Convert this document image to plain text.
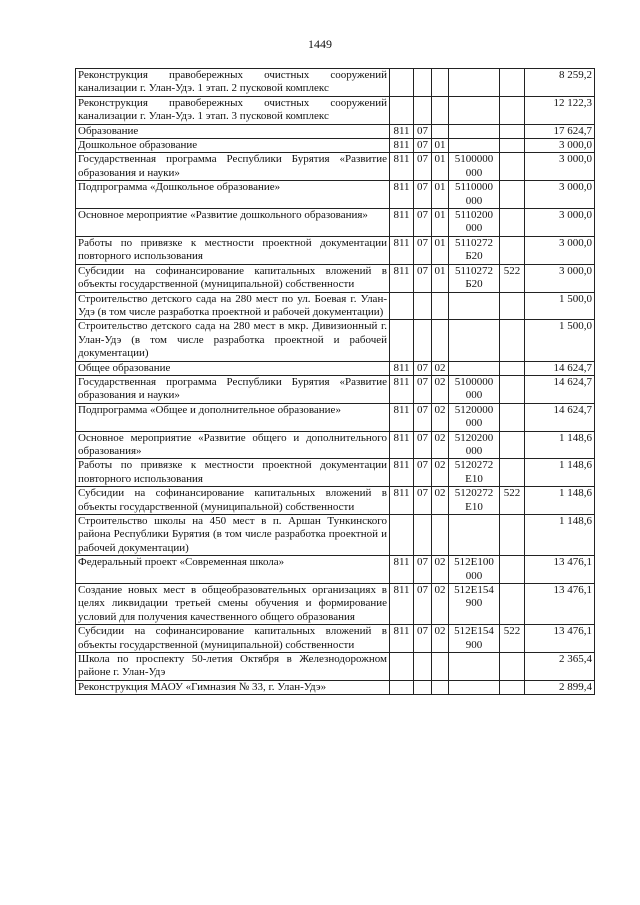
1449
Реконструкция правобережных очистных сооружений канализации г. Улан-Удэ. 1 этап. 2 пусковой комплекс						8 259,2
Реконструкция правобережных очистных сооружений канализации г. Улан-Удэ. 1 этап. 3 пусковой комплекс						12 122,3
Образование	811	07				17 624,7
Дошкольное образование	811	07	01			3 000,0
Государственная программа Республики Бурятия «Развитие образования и науки»	811	07	01	5100000 000		3 000,0
Подпрограмма «Дошкольное образование»	811	07	01	5110000 000		3 000,0
Основное мероприятие «Развитие дошкольного образования»	811	07	01	5110200 000		3 000,0
Работы по привязке к местности проектной документации повторного использования	811	07	01	5110272 Б20		3 000,0
Субсидии на софинансирование капитальных вложений в объекты государственной (муниципальной) собственности	811	07	01	5110272 Б20	522	3 000,0
Строительство детского сада на 280 мест по ул. Боевая г. Улан-Удэ (в том числе разработка проектной и рабочей документации)						1 500,0
Строительство детского сада на 280 мест в мкр. Дивизионный г. Улан-Удэ (в том числе разработка проектной и рабочей документации)						1 500,0
Общее образование	811	07	02			14 624,7
Государственная программа Республики Бурятия «Развитие образования и науки»	811	07	02	5100000 000		14 624,7
Подпрограмма «Общее и дополнительное образование»	811	07	02	5120000 000		14 624,7
Основное мероприятие «Развитие общего и дополнительного образования»	811	07	02	5120200 000		1 148,6
Работы по привязке к местности проектной документации повторного использования	811	07	02	5120272 Е10		1 148,6
Субсидии на софинансирование капитальных вложений в объекты государственной (муниципальной) собственности	811	07	02	5120272 Е10	522	1 148,6
Строительство школы на 450 мест в п. Аршан Тункинского района Республики Бурятия (в том числе разработка проектной и рабочей документации)						1 148,6
Федеральный проект «Современная школа»	811	07	02	512Е100 000		13 476,1
Создание новых мест в общеобразовательных организациях в целях ликвидации третьей смены обучения и формирование условий для получения качественного общего образования	811	07	02	512Е154 900		13 476,1
Субсидии на софинансирование капитальных вложений в объекты государственной (муниципальной) собственности	811	07	02	512Е154 900	522	13 476,1
Школа по проспекту 50-летия Октября в Железнодорожном районе г. Улан-Удэ						2 365,4
Реконструкция МАОУ «Гимназия № 33, г. Улан-Удэ»						2 899,4
